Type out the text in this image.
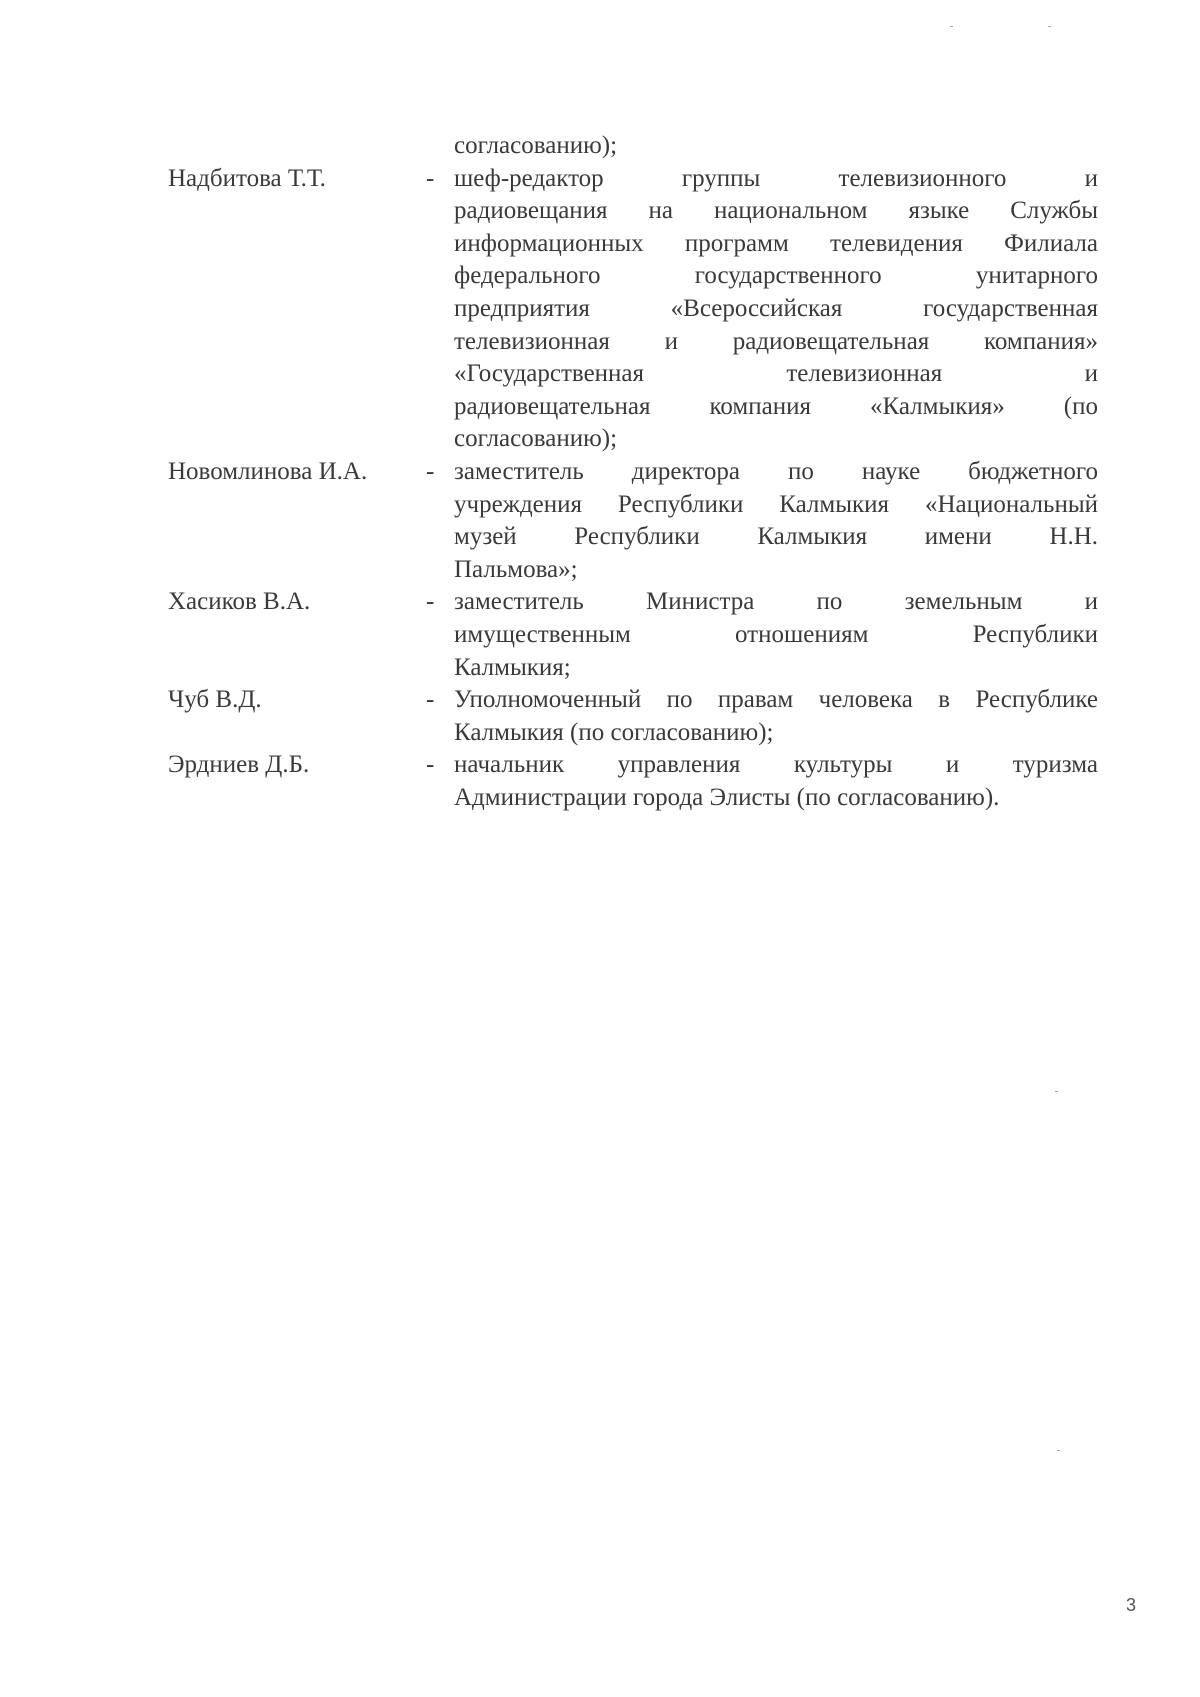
согласованию);
Надбитова Т.Т.	- шеф-редактор группы телевизионного и
радиовещания на национальном языке Службы
информационных программ телевидения Филиала
федерального государственного унитарного
предприятия «Всероссийская государственная
телевизионная и радиовещательная компания»
«Государственная телевизионная и
радиовещательная компания «Калмыкия» (по
согласованию);
Новомлинова И.А.	- заместитель директора по науке бюджетного
учреждения Республики Калмыкия «Национальный
музей Республики Калмыкия имени Н.Н.
Пальмова»;
Хасиков В.А.	- заместитель Министра по земельным и
имущественным отношениям Республики
Калмыкия;
Чуб В.Д.	- Уполномоченный по правам человека в Республике
Калмыкия (по согласованию);
Эрдниев Д.Б.	- начальник управления культуры и туризма
Администрации города Элисты (по согласованию).
3
